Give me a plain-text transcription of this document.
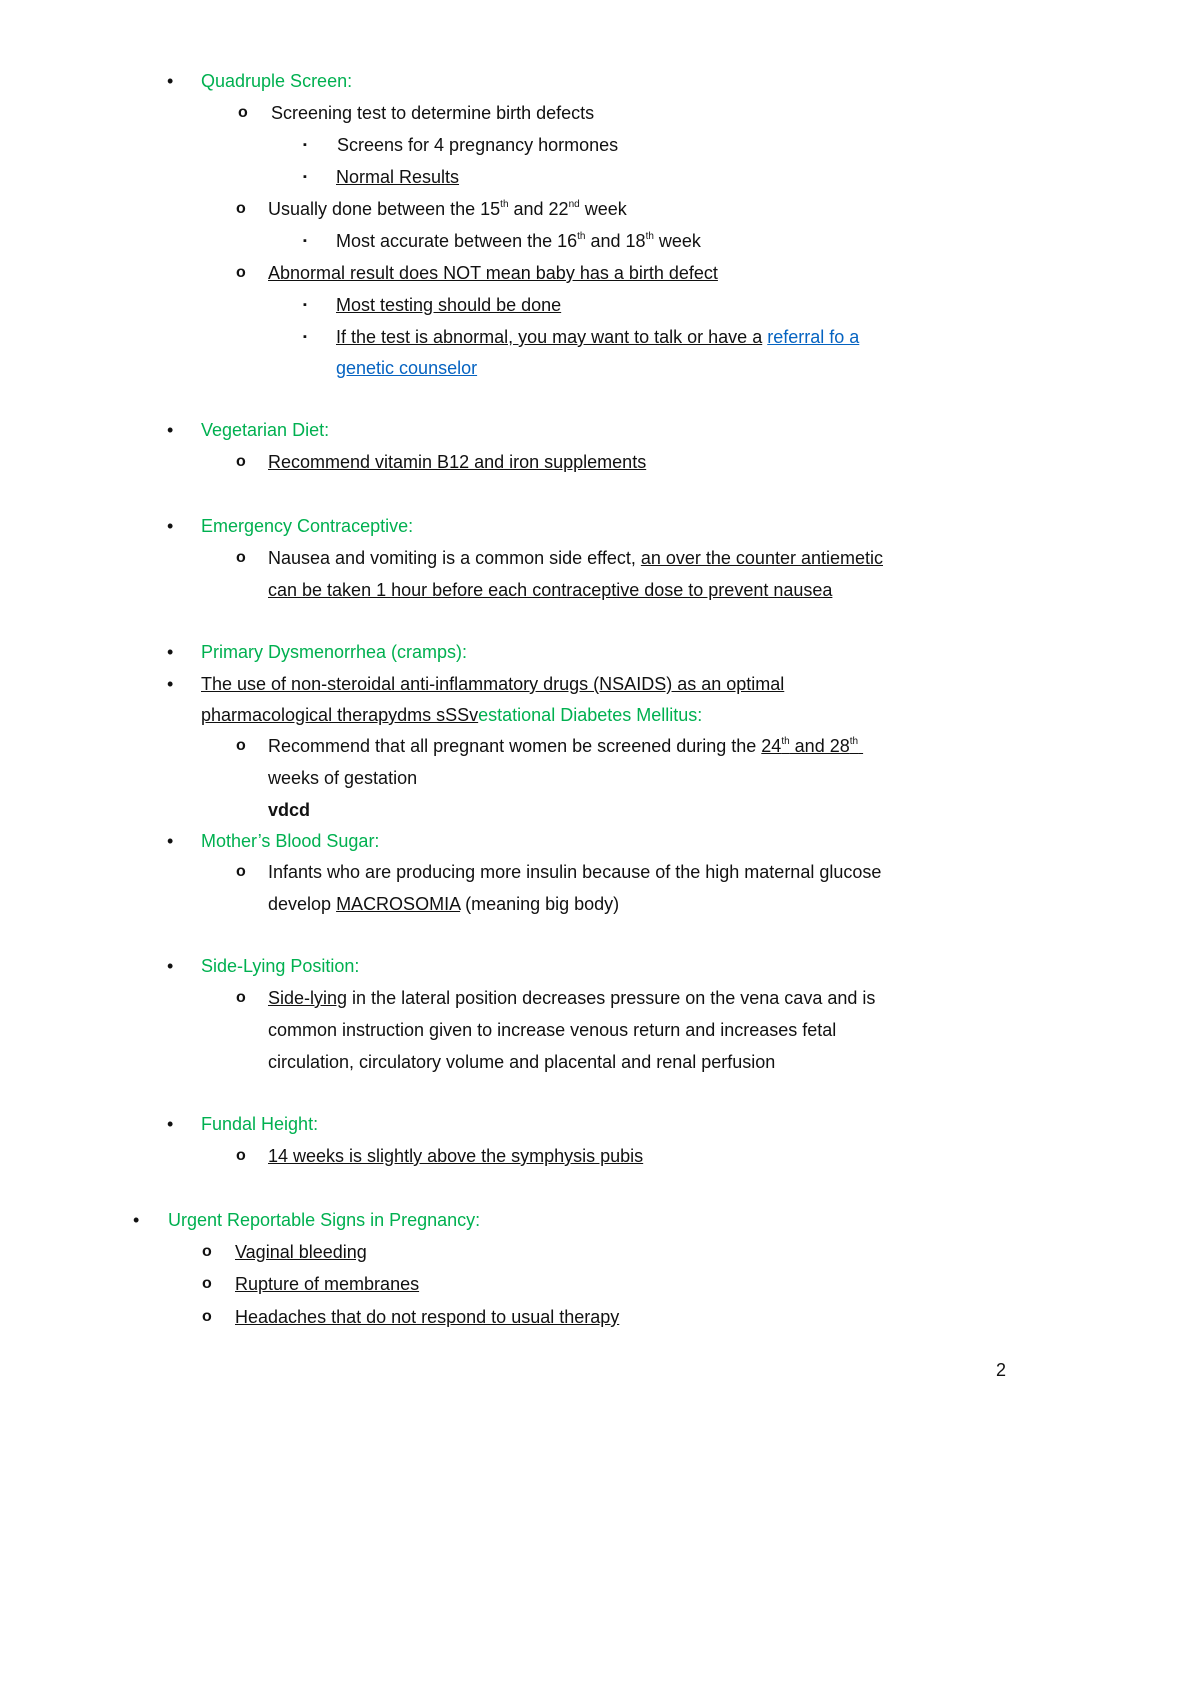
• Quadruple Screen:
o Screening test to determine birth defects
▪ Screens for 4 pregnancy hormones
▪ Normal Results
o Usually done between the 15th and 22nd week
▪ Most accurate between the 16th and 18th week
o Abnormal result does NOT mean baby has a birth defect
▪ Most testing should be done
▪ If the test is abnormal, you may want to talk or have a referral fo a
genetic counselor
• Vegetarian Diet:
o Recommend vitamin B12 and iron supplements
• Emergency Contraceptive:
o Nausea and vomiting is a common side effect, an over the counter antiemetic
can be taken 1 hour before each contraceptive dose to prevent nausea
• Primary Dysmenorrhea (cramps):
• The use of non-steroidal anti-inflammatory drugs (NSAIDS) as an optimal
pharmacological therapydms sSSvestational Diabetes Mellitus:
o Recommend that all pregnant women be screened during the 24th and 28th
weeks of gestation
vdcd
• Mother’s Blood Sugar:
o Infants who are producing more insulin because of the high maternal glucose
develop MACROSOMIA (meaning big body)
• Side-Lying Position:
o Side-lying in the lateral position decreases pressure on the vena cava and is
common instruction given to increase venous return and increases fetal
circulation, circulatory volume and placental and renal perfusion
• Fundal Height:
o 14 weeks is slightly above the symphysis pubis
• Urgent Reportable Signs in Pregnancy:
o Vaginal bleeding
o Rupture of membranes
o Headaches that do not respond to usual therapy
2
